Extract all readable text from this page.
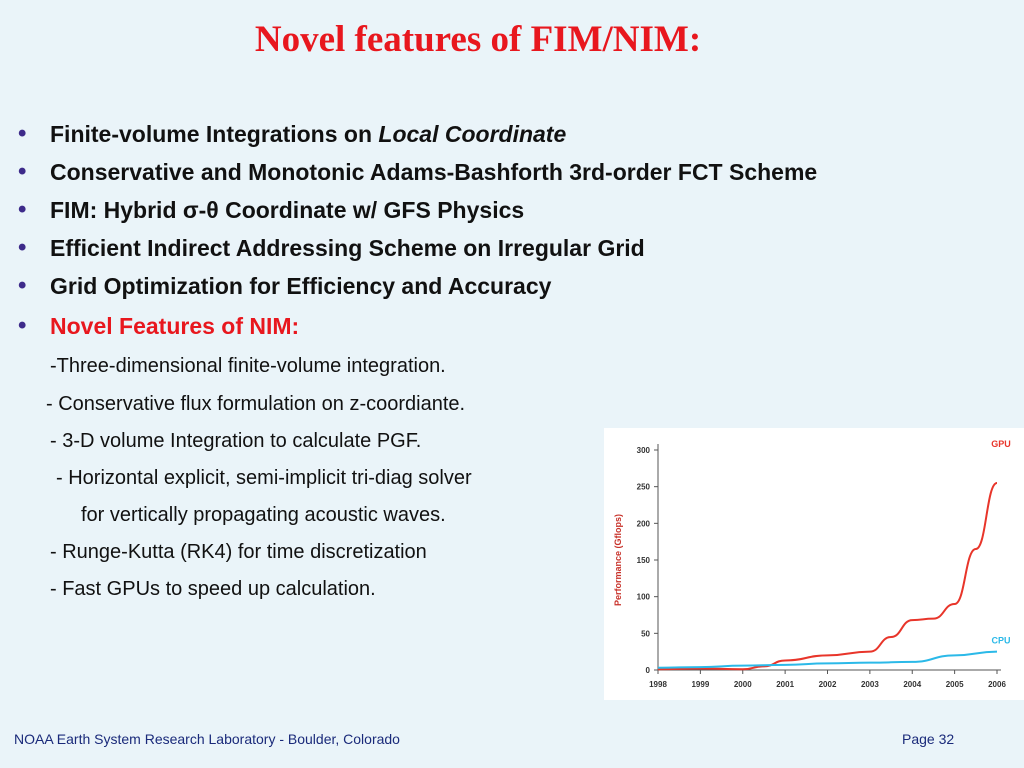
Novel features of FIM/NIM:
• Finite-volume Integrations on Local Coordinate
• Conservative and Monotonic Adams-Bashforth 3rd-order FCT Scheme
• FIM: Hybrid σ-θ Coordinate w/ GFS Physics
• Efficient Indirect Addressing Scheme on Irregular Grid
• Grid Optimization for Efficiency and Accuracy
• Novel Features of NIM:
-Three-dimensional finite-volume integration.
- Conservative flux formulation on z-coordiante.
- 3-D volume Integration to calculate PGF.
- Horizontal explicit, semi-implicit tri-diag solver
for vertically propagating acoustic waves.
- Runge-Kutta (RK4) for time discretization
- Fast GPUs to speed up calculation.
0
50
100
150
200
250
300
1998	1999	2000	2001	2002	2003	2004	2005	2006
Performance (Gflops)
GPU
CPU
NOAA Earth System Research Laboratory - Boulder, Colorado	Page 32
